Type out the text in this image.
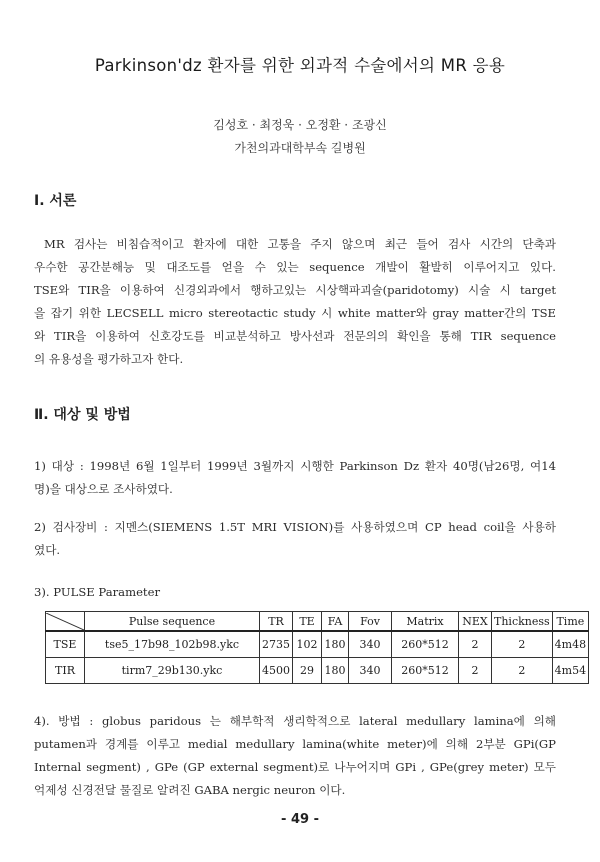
Parkinson'dz 환자를 위한 외과적 수술에서의 MR 응용
김성호 · 최정욱 · 오정환 · 조광신
가천의과대학부속 길병원
Ⅰ. 서론
MR 검사는 비침습적이고 환자에 대한 고통을 주지 않으며 최근 들어 검사 시간의 단축과
우수한 공간분해능 및 대조도를 얻을 수 있는 sequence 개발이 활발히 이루어지고 있다.
TSE와 TIR을 이용하여 신경외과에서 행하고있는 시상핵파괴술(paridotomy) 시술 시 target
을 잡기 위한 LECSELL micro stereotactic study 시 white matter와 gray matter간의 TSE
와 TIR을 이용하여 신호강도를 비교분석하고 방사선과 전문의의 확인을 통해 TIR sequence
의 유용성을 평가하고자 한다.
Ⅱ. 대상 및 방법
1) 대상 : 1998년 6월 1일부터 1999년 3월까지 시행한 Parkinson Dz 환자 40명(남26명, 여14
명)을 대상으로 조사하였다.
2) 검사장비 : 지멘스(SIEMENS 1.5T MRI VISION)를 사용하였으며 CP head coil을 사용하
였다.
3). PULSE Parameter
	Pulse sequence	TR	TE	FA	Fov	Matrix	NEX	Thickness	Time
TSE	tse5_17b98_102b98.ykc	2735	102	180	340	260*512	2	2	4m48
TIR	tirm7_29b130.ykc	4500	29	180	340	260*512	2	2	4m54
4). 방법 : globus paridous 는 해부학적 생리학적으로 lateral medullary lamina에 의해
putamen과 경계를 이루고 medial medullary lamina(white meter)에 의해 2부분 GPi(GP
Internal segment) , GPe (GP external segment)로 나누어지며 GPi , GPe(grey meter) 모두
억제성 신경전달 물질로 알려진 GABA nergic neuron 이다.
- 49 -
